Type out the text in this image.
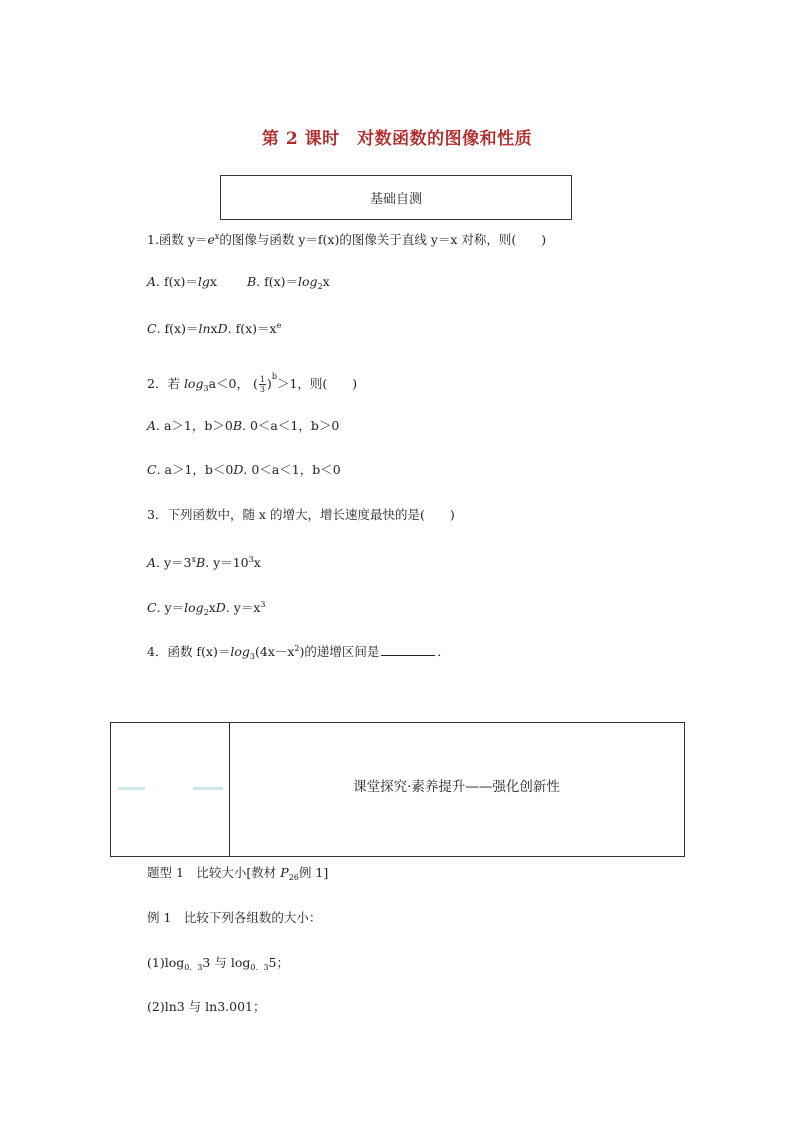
第 2 课时　对数函数的图像和性质
基础自测
1.函数 $y=e^x$的图像与函数 y＝f(x)的图像关于直线 y＝x 对称，则(　　)
A. f(x)＝lgx B. $f(x)=\log_2x$
C. f(x)＝lnxD. $f(x)=x^e$
2．若 $\log_3a<0$， ( $\frac{1}{3} )^b>1$，则(　　)
A. a＞1，b＞0B. 0＜a＜1，b＞0
C. a＞1，b＜0D. 0＜a＜1，b＜0
3．下列函数中，随 x 的增大，增长速度最快的是(　　)
A. $y=3^xB$. $y=10^3x$
C. $y=\log_2xD$. $y=x^3$
4．函数 $f(x)=\log_3(4x-x^2)$的递增区间是	．
课堂探究·素养提升——强化创新性
题型 1　比较大小[教材 $P_{26}$例 1]
例 1　比较下列各组数的大小：
$(1)\log_{0.3}3$ 与 $\log_{0.3}5$；
(2)ln3 与 ln3.001；
